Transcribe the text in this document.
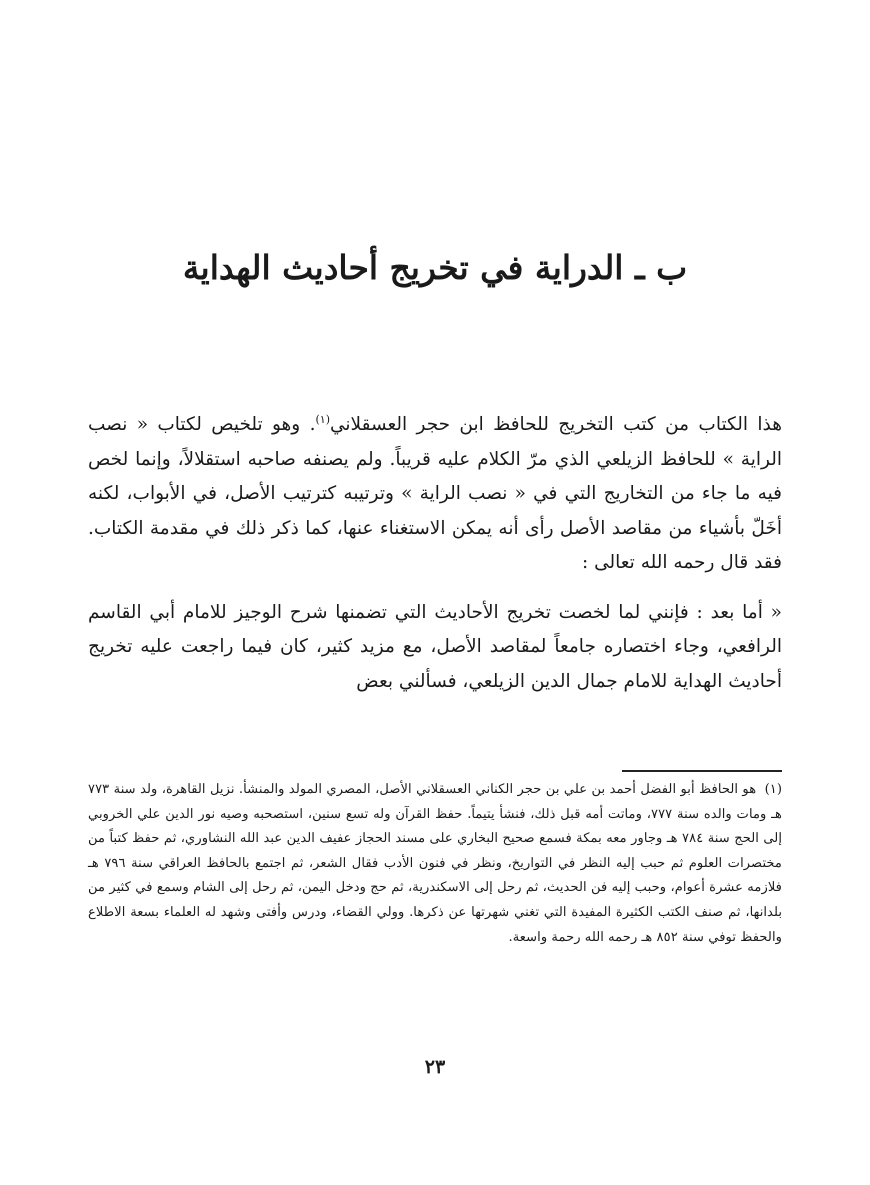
ب ـ الدراية في تخريج أحاديث الهداية

هذا الكتاب من كتب التخريج للحافظ ابن حجر العسقلاني$^{(١)}$. وهو تلخيص لكتاب « نصب الراية » للحافظ الزيلعي الذي مرّ الكلام عليه قريباً. ولم يصنفه صاحبه استقلالاً، وإنما لخص فيه ما جاء من التخاريج التي في « نصب الراية » وترتيبه كترتيب الأصل، في الأبواب، لكنه أخَلّ بأشياء من مقاصد الأصل رأى أنه يمكن الاستغناء عنها، كما ذكر ذلك في مقدمة الكتاب. فقد قال رحمه الله تعالى :

« أما بعد : فإنني لما لخصت تخريج الأحاديث التي تضمنها شرح الوجيز للامام أبي القاسم الرافعي، وجاء اختصاره جامعاً لمقاصد الأصل، مع مزيد كثير، كان فيما راجعت عليه تخريج أحاديث الهداية للامام جمال الدين الزيلعي، فسألني بعض

(١) هو الحافظ أبو الفضل أحمد بن علي بن حجر الكناني العسقلاني الأصل، المصري المولد والمنشأ. نزيل القاهرة، ولد سنة ٧٧٣ هـ ومات والده سنة ٧٧٧، وماتت أمه قبل ذلك، فنشأ يتيماً. حفظ القرآن وله تسع سنين، استصحبه وصيه نور الدين علي الخروبي إلى الحج سنة ٧٨٤ هـ وجاور معه بمكة فسمع صحيح البخاري على مسند الحجاز عفيف الدين عبد الله النشاوري، ثم حفظ كتباً من مختصرات العلوم ثم حبب إليه النظر في التواريخ، ونظر في فنون الأدب فقال الشعر، ثم اجتمع بالحافظ العراقي سنة ٧٩٦ هـ فلازمه عشرة أعوام، وحبب إليه فن الحديث، ثم رحل إلى الاسكندرية، ثم حج ودخل اليمن، ثم رحل إلى الشام وسمع في كثير من بلدانها، ثم صنف الكتب الكثيرة المفيدة التي تغني شهرتها عن ذكرها. وولي القضاء، ودرس وأفتى وشهد له العلماء بسعة الاطلاع والحفظ توفي سنة ٨٥٢ هـ رحمه الله رحمة واسعة.
٢٣
